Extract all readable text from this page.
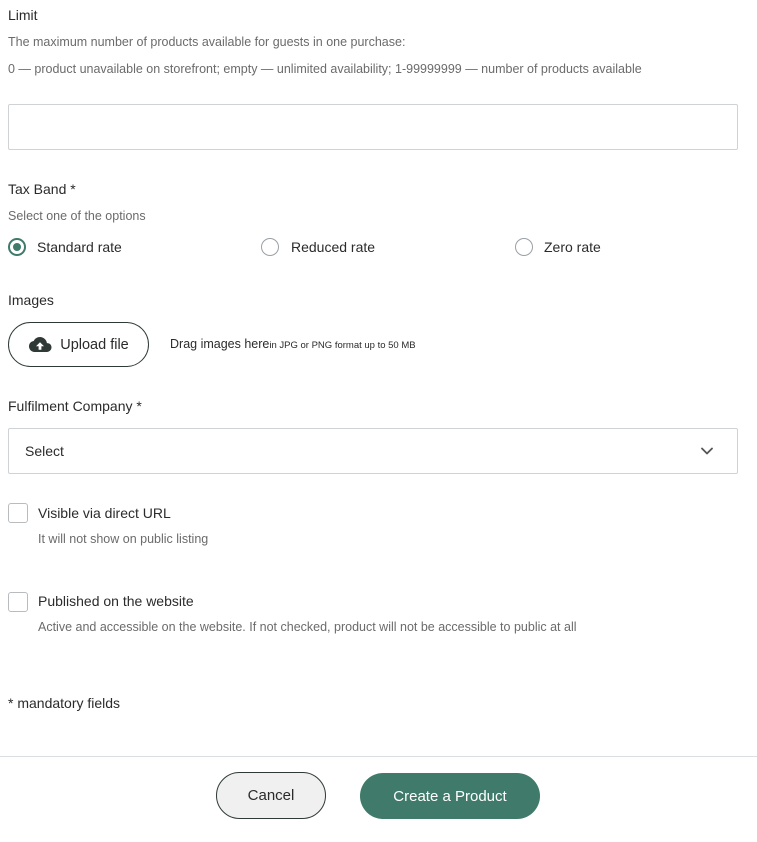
Limit
The maximum number of products available for guests in one purchase:
0 — product unavailable on storefront; empty — unlimited availability; 1-99999999 — number of products available
Tax Band *
Select one of the options
Standard rate	Reduced rate	Zero rate
Images
Upload file	Drag images here in JPG or PNG format up to 50 MB
Fulfilment Company *
Select
Visible via direct URL
It will not show on public listing
Published on the website
Active and accessible on the website. If not checked, product will not be accessible to public at all
* mandatory fields
Cancel	Create a Product
